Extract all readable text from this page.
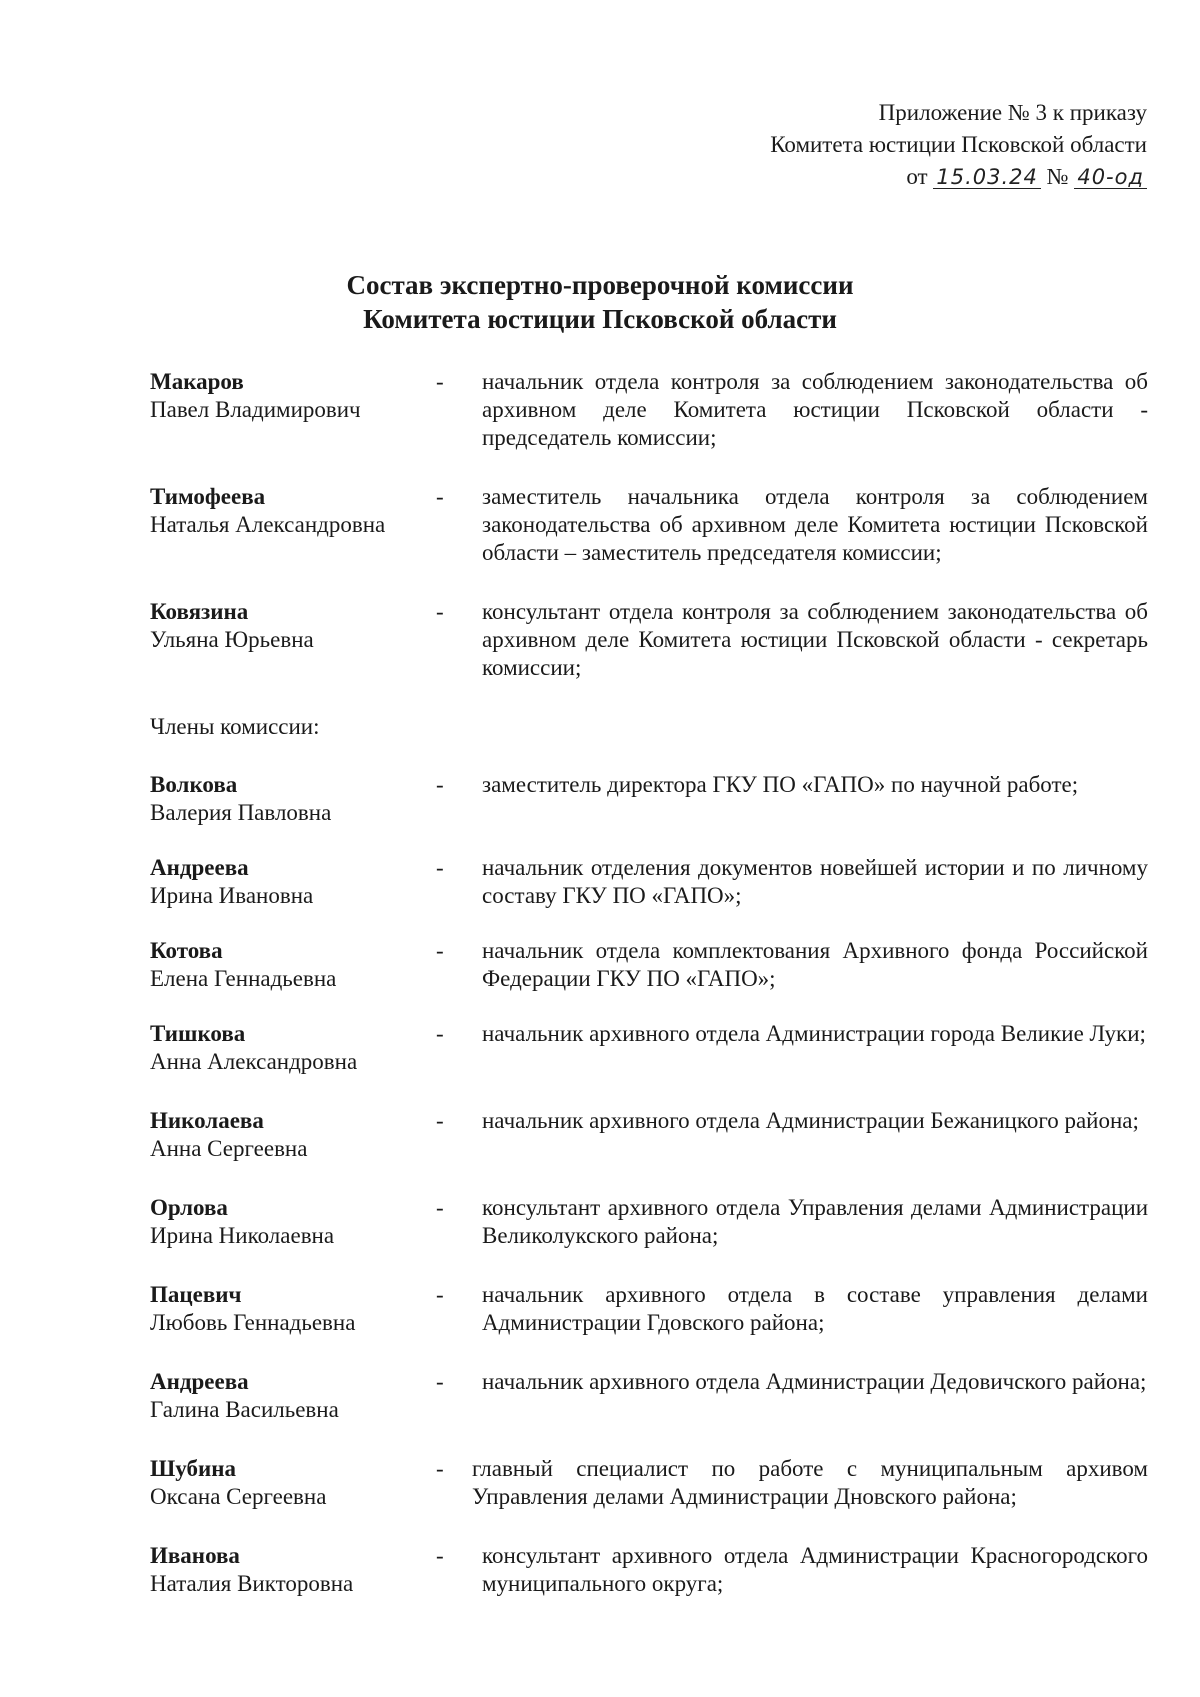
Приложение № 3 к приказу
Комитета юстиции Псковской области
от 15.03.24 № 40-од
Состав экспертно-проверочной комиссии
Комитета юстиции Псковской области
Макаров
Павел Владимирович
-	начальник отдела контроля за соблюдением законодательства об архивном деле Комитета юстиции Псковской области - председатель комиссии;
Тимофеева
Наталья Александровна
-	заместитель начальника отдела контроля за соблюдением законодательства об архивном деле Комитета юстиции Псковской области – заместитель председателя комиссии;
Ковязина
Ульяна Юрьевна
-	консультант отдела контроля за соблюдением законодательства об архивном деле Комитета юстиции Псковской области - секретарь комиссии;
Члены комиссии:
Волкова
Валерия Павловна
-	заместитель директора ГКУ ПО «ГАПО» по научной работе;
Андреева
Ирина Ивановна
-	начальник отделения документов новейшей истории и по личному составу ГКУ ПО «ГАПО»;
Котова
Елена Геннадьевна
-	начальник отдела комплектования Архивного фонда Российской Федерации ГКУ ПО «ГАПО»;
Тишкова
Анна Александровна
-	начальник архивного отдела Администрации города Великие Луки;
Николаева
Анна Сергеевна
-	начальник архивного отдела Администрации Бежаницкого района;
Орлова
Ирина Николаевна
-	консультант архивного отдела Управления делами Администрации Великолукского района;
Пацевич
Любовь Геннадьевна
-	начальник архивного отдела в составе управления делами Администрации Гдовского района;
Андреева
Галина Васильевна
-	начальник архивного отдела Администрации Дедовичского района;
Шубина
Оксана Сергеевна
-	главный специалист по работе с муниципальным архивом Управления делами Администрации Дновского района;
Иванова
Наталия Викторовна
-	консультант архивного отдела Администрации Красногородского муниципального округа;
